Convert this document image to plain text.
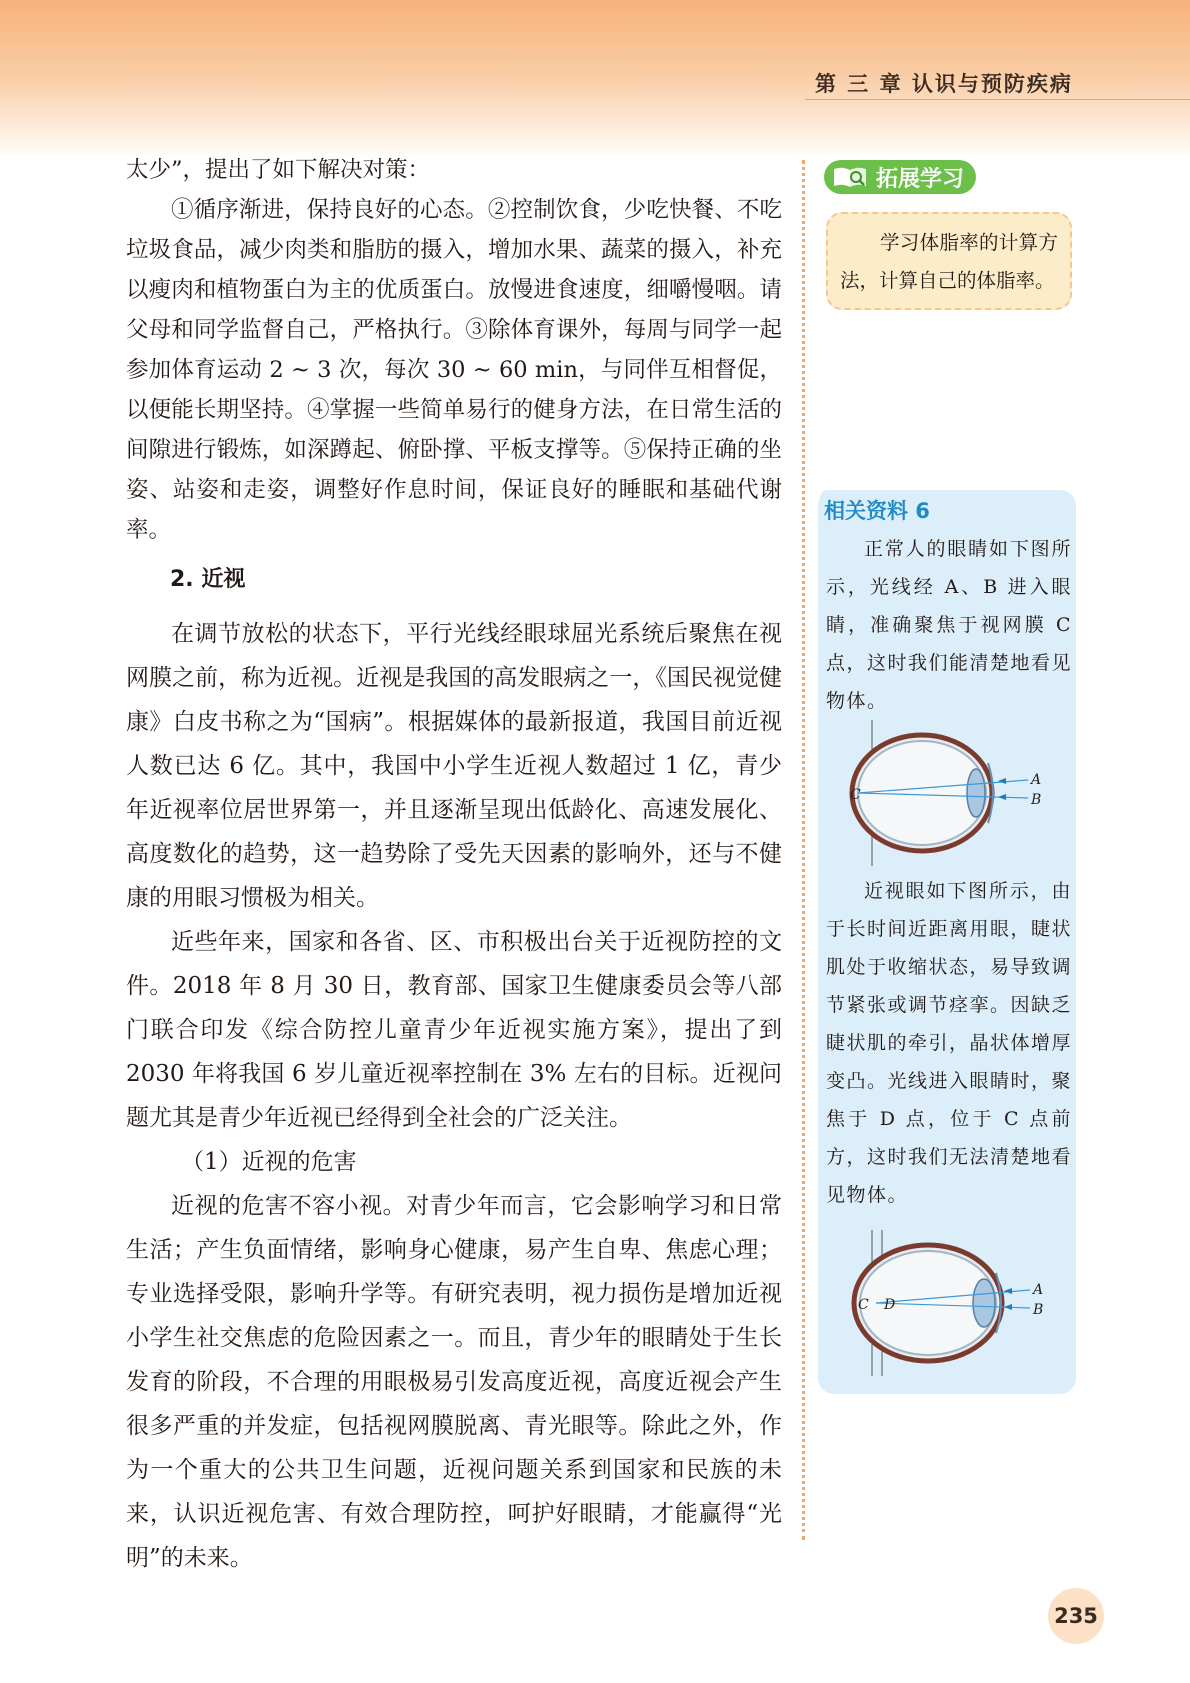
第 三 章 认识与预防疾病

太少”，提出了如下解决对策：

①循序渐进，保持良好的心态。②控制饮食，少吃快餐、不吃垃圾食品，减少肉类和脂肪的摄入，增加水果、蔬菜的摄入，补充以瘦肉和植物蛋白为主的优质蛋白。放慢进食速度，细嚼慢咽。请父母和同学监督自己，严格执行。③除体育课外，每周与同学一起参加体育运动 2 ~ 3 次，每次 30 ~ 60 min，与同伴互相督促，以便能长期坚持。④掌握一些简单易行的健身方法，在日常生活的间隙进行锻炼，如深蹲起、俯卧撑、平板支撑等。⑤保持正确的坐姿、站姿和走姿，调整好作息时间，保证良好的睡眠和基础代谢率。

2. 近视

在调节放松的状态下，平行光线经眼球屈光系统后聚焦在视网膜之前，称为近视。近视是我国的高发眼病之一，《国民视觉健康》白皮书称之为“国病”。根据媒体的最新报道，我国目前近视人数已达 6 亿。其中，我国中小学生近视人数超过 1 亿，青少年近视率位居世界第一，并且逐渐呈现出低龄化、高速发展化、高度数化的趋势，这一趋势除了受先天因素的影响外，还与不健康的用眼习惯极为相关。

近些年来，国家和各省、区、市积极出台关于近视防控的文件。2018 年 8 月 30 日，教育部、国家卫生健康委员会等八部门联合印发《综合防控儿童青少年近视实施方案》，提出了到 2030 年将我国 6 岁儿童近视率控制在 3% 左右的目标。近视问题尤其是青少年近视已经得到全社会的广泛关注。

（1）近视的危害

近视的危害不容小视。对青少年而言，它会影响学习和日常生活；产生负面情绪，影响身心健康，易产生自卑、焦虑心理；专业选择受限，影响升学等。有研究表明，视力损伤是增加近视小学生社交焦虑的危险因素之一。而且，青少年的眼睛处于生长发育的阶段，不合理的用眼极易引发高度近视，高度近视会产生很多严重的并发症，包括视网膜脱离、青光眼等。除此之外，作为一个重大的公共卫生问题，近视问题关系到国家和民族的未来，认识近视危害、有效合理防控，呵护好眼睛，才能赢得“光明”的未来。

拓展学习
学习体脂率的计算方法，计算自己的体脂率。
相关资料 6

正常人的眼睛如下图所示，光线经 A、B 进入眼睛，准确聚焦于视网膜 C 点，这时我们能清楚地看见物体。

A
B
C

近视眼如下图所示，由于长时间近距离用眼，睫状肌处于收缩状态，易导致调节紧张或调节痉挛。因缺乏睫状肌的牵引，晶状体增厚变凸。光线进入眼睛时，聚焦于 D 点，位于 C 点前方，这时我们无法清楚地看见物体。

A
B
C D
235
